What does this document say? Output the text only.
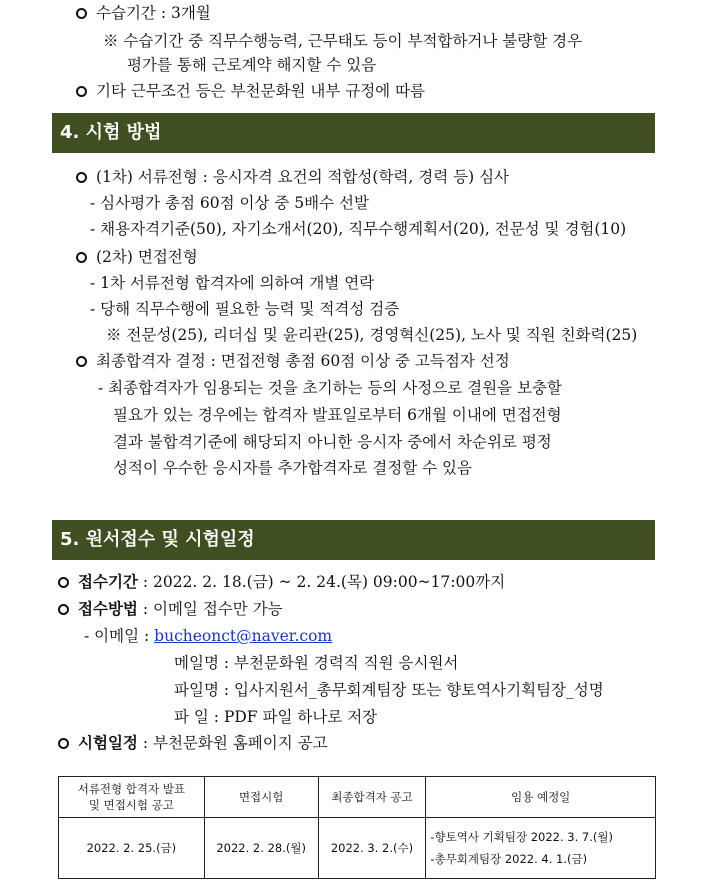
수습기간 : 3개월
※ 수습기간 중 직무수행능력, 근무태도 등이 부적합하거나 불량할 경우
평가를 통해 근로계약 해지할 수 있음
기타 근무조건 등은 부천문화원 내부 규정에 따름
4. 시험 방법
(1차) 서류전형 : 응시자격 요건의 적합성(학력, 경력 등) 심사
- 심사평가 총점 60점 이상 중 5배수 선발
- 채용자격기준(50), 자기소개서(20), 직무수행계획서(20), 전문성 및 경험(10)
(2차) 면접전형
- 1차 서류전형 합격자에 의하여 개별 연락
- 당해 직무수행에 필요한 능력 및 적격성 검증
※ 전문성(25), 리더십 및 윤리관(25), 경영혁신(25), 노사 및 직원 친화력(25)
최종합격자 결정 : 면접전형 총점 60점 이상 중 고득점자 선정
- 최종합격자가 임용되는 것을 초기하는 등의 사정으로 결원을 보충할
필요가 있는 경우에는 합격자 발표일로부터 6개월 이내에 면접전형
결과 불합격기준에 해당되지 아니한 응시자 중에서 차순위로 평정
성적이 우수한 응시자를 추가합격자로 결정할 수 있음
5. 원서접수 및 시험일정
접수기간 : 2022. 2. 18.(금) ~ 2. 24.(목) 09:00~17:00까지
접수방법 : 이메일 접수만 가능
- 이메일 : bucheonct@naver.com
메일명 : 부천문화원 경력직 직원 응시원서
파일명 : 입사지원서_총무회계팀장 또는 향토역사기획팀장_성명
파 일 : PDF 파일 하나로 저장
시험일정 : 부천문화원 홈페이지 공고
서류전형 합격자 발표
및 면접시험 공고	면접시험	최종합격자 공고	임용 예정일
2022. 2. 25.(금)	2022. 2. 28.(월)	2022. 3. 2.(수)	-향토역사 기획팀장 2022. 3. 7.(월)
-총무회계팀장 2022. 4. 1.(금)
